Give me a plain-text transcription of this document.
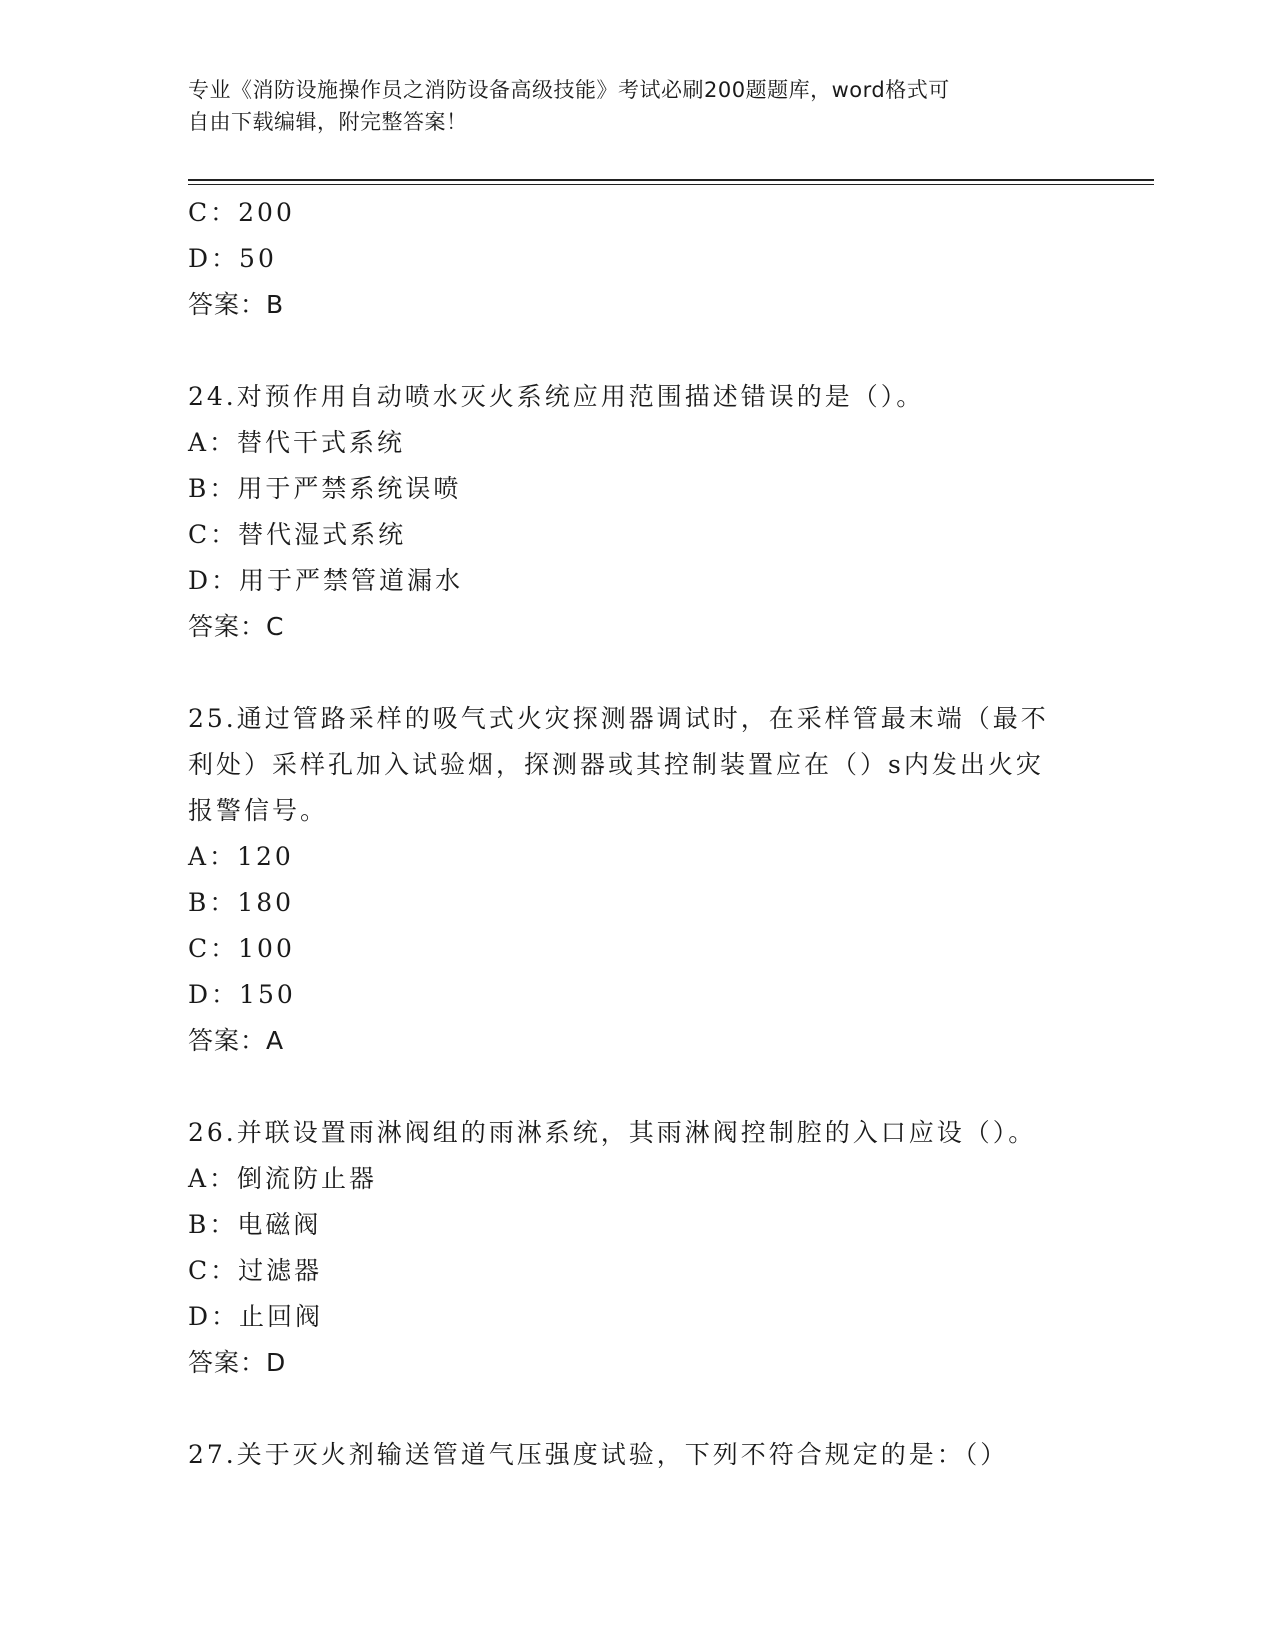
专业《消防设施操作员之消防设备高级技能》考试必刷200题题库，word格式可
自由下载编辑，附完整答案！
C：200
D：50
答案：B
24.对预作用自动喷水灭火系统应用范围描述错误的是（）。
A：替代干式系统
B：用于严禁系统误喷
C：替代湿式系统
D：用于严禁管道漏水
答案：C
25.通过管路采样的吸气式火灾探测器调试时，在采样管最末端（最不
利处）采样孔加入试验烟，探测器或其控制装置应在（）s内发出火灾
报警信号。
A：120
B：180
C：100
D：150
答案：A
26.并联设置雨淋阀组的雨淋系统，其雨淋阀控制腔的入口应设（）。
A：倒流防止器
B：电磁阀
C：过滤器
D：止回阀
答案：D
27.关于灭火剂输送管道气压强度试验，下列不符合规定的是：（）
